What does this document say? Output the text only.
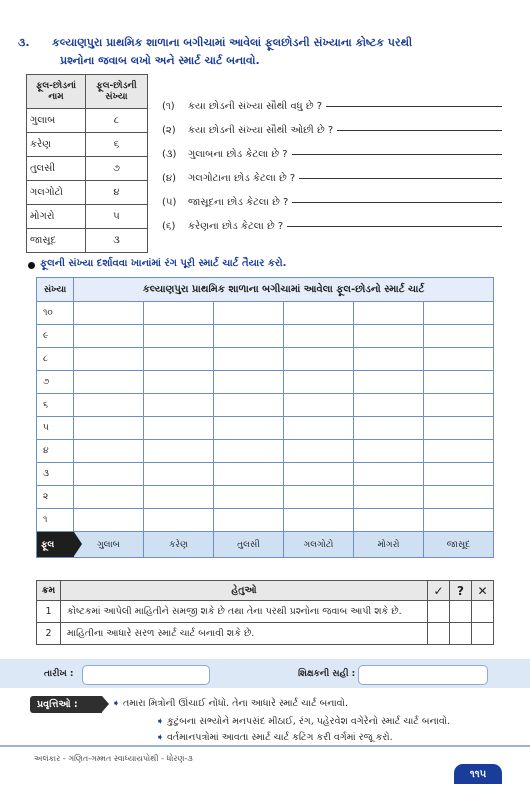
૩. કલ્યાણપુરા પ્રાથમિક શાળાના બગીચામાં આવેલાં ફૂલછોડની સંખ્યાના કોષ્ટક પરથી
પ્રશ્નોના જવાબ લખો અને સ્માર્ટ ચાર્ટ બનાવો.
ફૂલ-છોડનાં નામ	ફૂલ-છોડની સંખ્યા
ગુલાબ	૮
કરેણ	૬
તુલસી	૭
ગલગોટો	૪
મોગરો	૫
જાસૂદ	૩
(૧)	કયા છોડની સંખ્યા સૌથી વધુ છે ?
(૨)	કયા છોડની સંખ્યા સૌથી ઓછી છે ?
(૩)	ગુલાબના છોડ કેટલા છે ?
(૪)	ગલગોટાના છોડ કેટલા છે ?
(૫)	જાસૂદના છોડ કેટલા છે ?
(૬)	કરેણના છોડ કેટલા છે ?
ફૂલની સંખ્યા દર્શાવવા ખાનાંમાં રંગ પૂરી સ્માર્ટ ચાર્ટ તૈયાર કરો.
સંખ્યા	કલ્યાણપુરા પ્રાથમિક શાળાના બગીચામાં આવેલા ફૂલ-છોડનો સ્માર્ટ ચાર્ટ
૧૦
૯
૮
૭
૬
૫
૪
૩
૨
૧
ફૂલ	ગુલાબ	કરેણ	તુલસી	ગલગોટો	મોગરો	જાસૂદ
ક્રમ	હેતુઓ	✓	?	✕
1	કોષ્ટકમાં આપેલી માહિતીને સમજી શકે છે તથા તેના પરથી પ્રશ્નોના જવાબ આપી શકે છે.			
2	માહિતીના આધારે સરળ સ્માર્ટ ચાર્ટ બનાવી શકે છે.			
તારીખ :	શિક્ષકની સહી :
પ્રવૃત્તિઓ :	➧ તમારા મિત્રોની ઊંચાઈ નોંધો. તેના આધારે સ્માર્ટ ચાર્ટ બનાવો.
➧ કુટુંબના સભ્યોને મનપસંદ મીઠાઈ, રંગ, પહેરવેશ વગેરેનો સ્માર્ટ ચાર્ટ બનાવો.
➧ વર્તમાનપત્રોમાં આવતા સ્માર્ટ ચાર્ટ કટિંગ કરી વર્ગમાં રજૂ કરો.
અલંકાર - ગણિત-ગમ્મત સ્વાધ્યાયપોથી - ધોરણ-૩
૧૧૫
